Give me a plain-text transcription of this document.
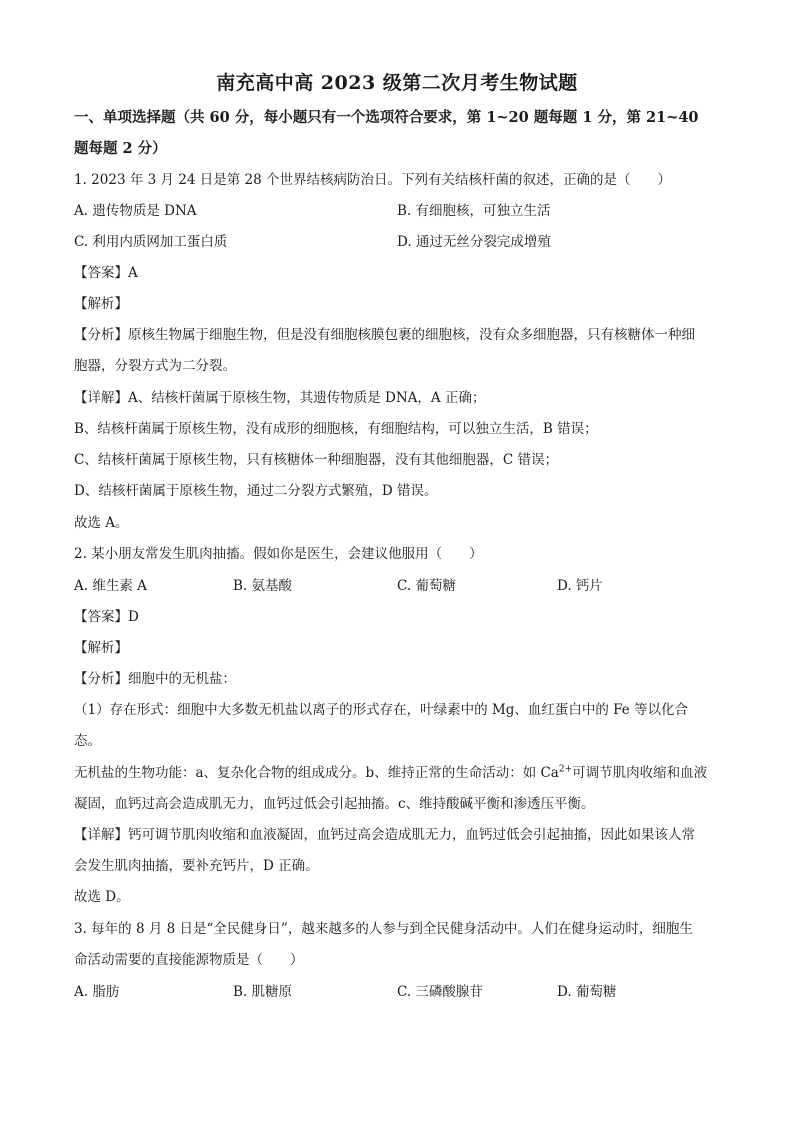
南充高中高 2023 级第二次月考生物试题
一、单项选择题（共 60 分，每小题只有一个选项符合要求，第 1~20 题每题 1 分，第 21~40
题每题 2 分）
1. 2023 年 3 月 24 日是第 28 个世界结核病防治日。下列有关结核杆菌的叙述，正确的是（　　）
A. 遗传物质是 DNA	B. 有细胞核，可独立生活
C. 利用内质网加工蛋白质	D. 通过无丝分裂完成增殖
【答案】A
【解析】
【分析】原核生物属于细胞生物，但是没有细胞核膜包裹的细胞核，没有众多细胞器，只有核糖体一种细
胞器，分裂方式为二分裂。
【详解】A、结核杆菌属于原核生物，其遗传物质是 DNA，A 正确；
B、结核杆菌属于原核生物，没有成形的细胞核，有细胞结构，可以独立生活，B 错误；
C、结核杆菌属于原核生物，只有核糖体一种细胞器，没有其他细胞器，C 错误；
D、结核杆菌属于原核生物，通过二分裂方式繁殖，D 错误。
故选 A。
2. 某小朋友常发生肌肉抽搐。假如你是医生，会建议他服用（　　）
A. 维生素 A	B. 氨基酸	C. 葡萄糖	D. 钙片
【答案】D
【解析】
【分析】细胞中的无机盐：
（1）存在形式：细胞中大多数无机盐以离子的形式存在，叶绿素中的 Mg、血红蛋白中的 Fe 等以化合
态。
无机盐的生物功能：a、复杂化合物的组成成分。b、维持正常的生命活动：如 $Ca^{2+}$可调节肌肉收缩和血液
凝固，血钙过高会造成肌无力，血钙过低会引起抽搐。c、维持酸碱平衡和渗透压平衡。
【详解】钙可调节肌肉收缩和血液凝固，血钙过高会造成肌无力，血钙过低会引起抽搐，因此如果该人常
会发生肌肉抽搐，要补充钙片，D 正确。
故选 D。
3. 每年的 8 月 8 日是“全民健身日”，越来越多的人参与到全民健身活动中。人们在健身运动时，细胞生
命活动需要的直接能源物质是（　　）
A. 脂肪	B. 肌糖原	C. 三磷酸腺苷	D. 葡萄糖
